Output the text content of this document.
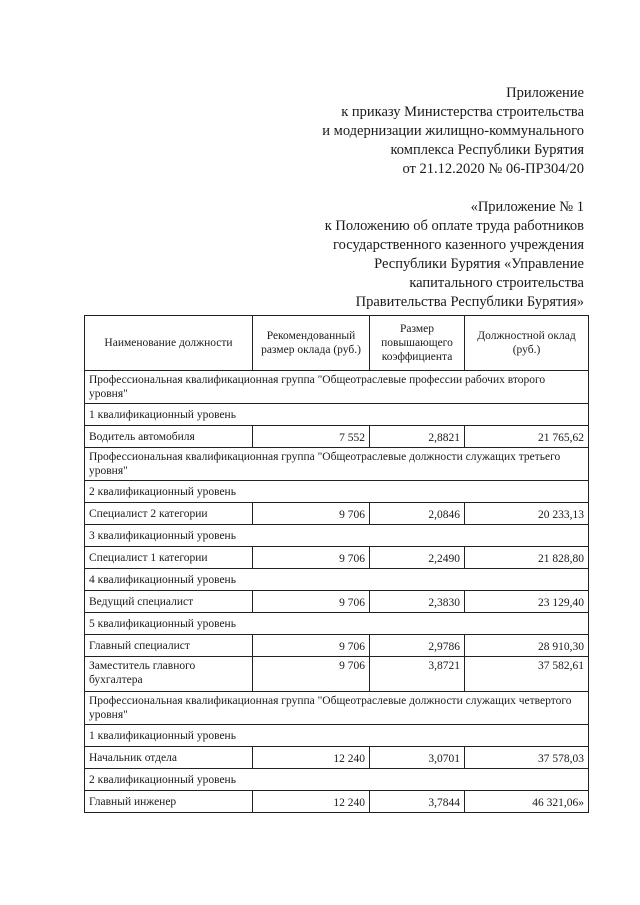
Приложение
к приказу Министерства строительства
и модернизации жилищно-коммунального
комплекса Республики Бурятия
от 21.12.2020 № 06-ПР304/20
«Приложение № 1
к Положению об оплате труда работников
государственного казенного учреждения
Республики Бурятия «Управление
капитального строительства
Правительства Республики Бурятия»
Наименование должности	Рекомендованный размер оклада (руб.)	Размер повышающего коэффициента	Должностной оклад (руб.)
Профессиональная квалификационная группа "Общеотраслевые профессии рабочих второго уровня"			
1 квалификационный уровень			
Водитель автомобиля	7 552	2,8821	21 765,62
Профессиональная квалификационная группа "Общеотраслевые должности служащих третьего уровня"			
2 квалификационный уровень			
Специалист 2 категории	9 706	2,0846	20 233,13
3 квалификационный уровень			
Специалист 1 категории	9 706	2,2490	21 828,80
4 квалификационный уровень			
Ведущий специалист	9 706	2,3830	23 129,40
5 квалификационный уровень			
Главный специалист	9 706	2,9786	28 910,30
Заместитель главного бухгалтера	9 706	3,8721	37 582,61
Профессиональная квалификационная группа "Общеотраслевые должности служащих четвертого уровня"			
1 квалификационный уровень			
Начальник отдела	12 240	3,0701	37 578,03
2 квалификационный уровень			
Главный инженер	12 240	3,7844	46 321,06»
